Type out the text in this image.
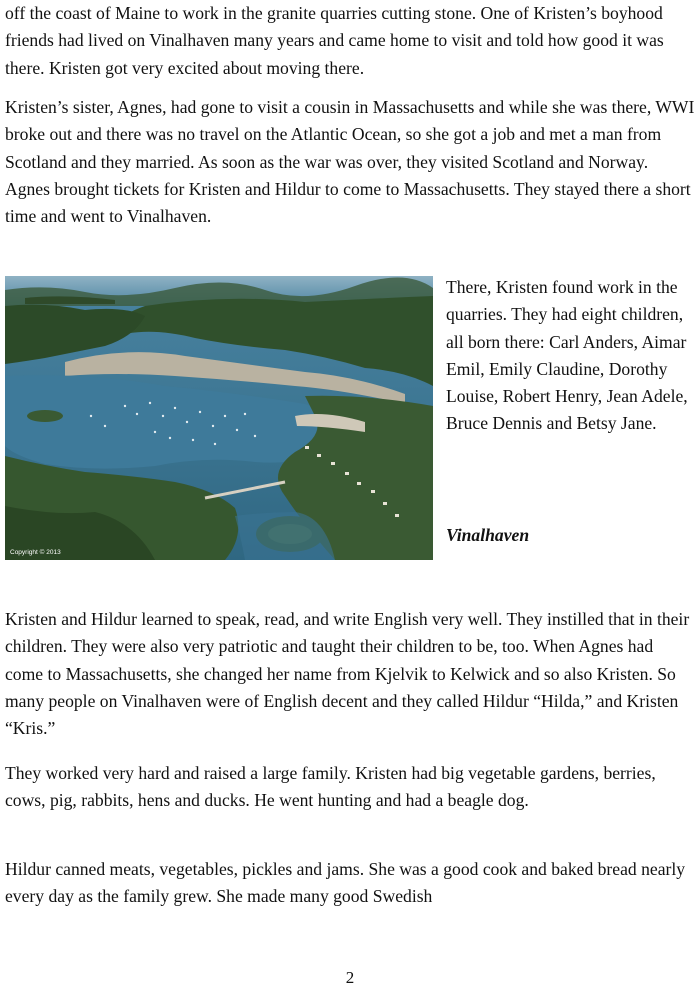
off the coast of Maine to work in the granite quarries cutting stone. One of Kristen’s boyhood friends had lived on Vinalhaven many years and came home to visit and told how good it was there. Kristen got very excited about moving there.

Kristen’s sister, Agnes, had gone to visit a cousin in Massachusetts and while she was there, WWI broke out and there was no travel on the Atlantic Ocean, so she got a job and met a man from Scotland and they married. As soon as the war was over, they visited Scotland and Norway. Agnes brought tickets for Kristen and Hildur to come to Massachusetts. They stayed there a short time and went to Vinalhaven.

Copyright © 2013

There, Kristen found work in the quarries. They had eight children, all born there: Carl Anders, Aimar Emil, Emily Claudine, Dorothy Louise, Robert Henry, Jean Adele, Bruce Dennis and Betsy Jane.

Vinalhaven

Kristen and Hildur learned to speak, read, and write English very well. They instilled that in their children. They were also very patriotic and taught their children to be, too. When Agnes had come to Massachusetts, she changed her name from Kjelvik to Kelwick and so also Kristen. So many people on Vinalhaven were of English decent and they called Hildur “Hilda,” and Kristen “Kris.”

They worked very hard and raised a large family. Kristen had big vegetable gardens, berries, cows, pig, rabbits, hens and ducks. He went hunting and had a beagle dog.

Hildur canned meats, vegetables, pickles and jams. She was a good cook and baked bread nearly every day as the family grew. She made many good Swedish

2
